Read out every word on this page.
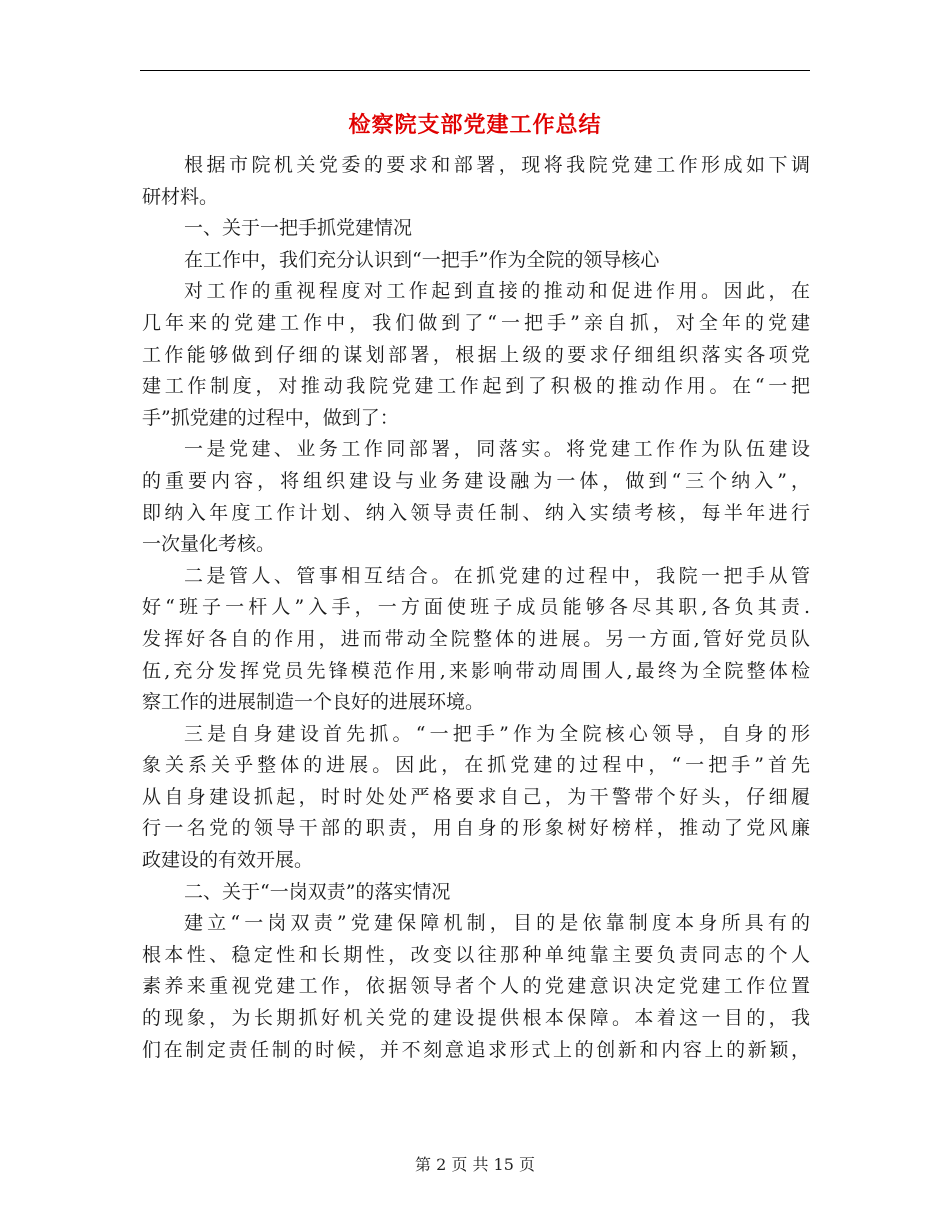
检察院支部党建工作总结
根据市院机关党委的要求和部署，现将我院党建工作形成如下调
研材料。
一、关于一把手抓党建情况
在工作中，我们充分认识到“一把手”作为全院的领导核心
对工作的重视程度对工作起到直接的推动和促进作用。因此，在
几年来的党建工作中，我们做到了“一把手”亲自抓，对全年的党建
工作能够做到仔细的谋划部署，根据上级的要求仔细组织落实各项党
建工作制度，对推动我院党建工作起到了积极的推动作用。在“一把
手”抓党建的过程中，做到了：
一是党建、业务工作同部署，同落实。将党建工作作为队伍建设
的重要内容，将组织建设与业务建设融为一体，做到“三个纳入”，
即纳入年度工作计划、纳入领导责任制、纳入实绩考核，每半年进行
一次量化考核。
二是管人、管事相互结合。在抓党建的过程中，我院一把手从管
好“班子一杆人”入手，一方面使班子成员能够各尽其职,各负其责.
发挥好各自的作用，进而带动全院整体的进展。另一方面,管好党员队
伍,充分发挥党员先锋模范作用,来影响带动周围人,最终为全院整体检
察工作的进展制造一个良好的进展环境。
三是自身建设首先抓。“一把手”作为全院核心领导，自身的形
象关系关乎整体的进展。因此，在抓党建的过程中，“一把手”首先
从自身建设抓起，时时处处严格要求自己，为干警带个好头，仔细履
行一名党的领导干部的职责，用自身的形象树好榜样，推动了党风廉
政建设的有效开展。
二、关于“一岗双责”的落实情况
建立“一岗双责”党建保障机制，目的是依靠制度本身所具有的
根本性、稳定性和长期性，改变以往那种单纯靠主要负责同志的个人
素养来重视党建工作，依据领导者个人的党建意识决定党建工作位置
的现象，为长期抓好机关党的建设提供根本保障。本着这一目的，我
们在制定责任制的时候，并不刻意追求形式上的创新和内容上的新颖，
第 2 页 共 15 页
